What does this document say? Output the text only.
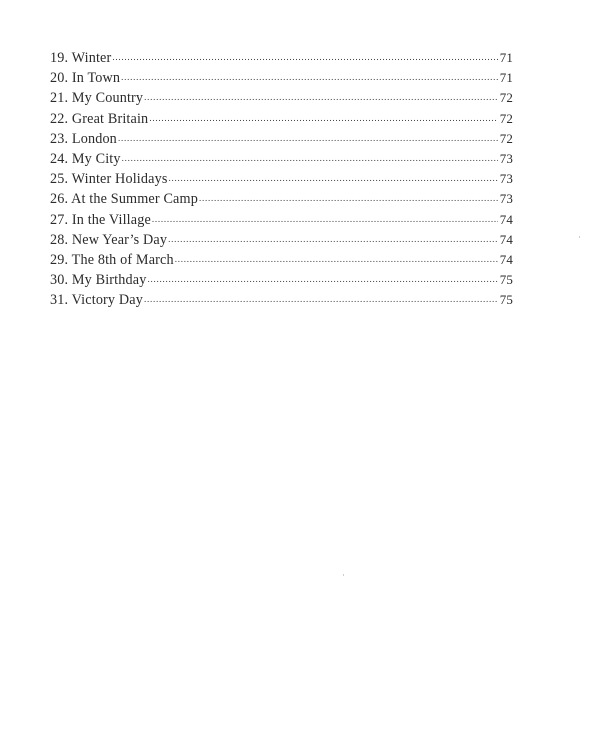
19. Winter .....	71
20. In Town .....	71
21. My Country .....	72
22. Great Britain .....	72
23. London .....	72
24. My City .....	73
25. Winter Holidays .....	73
26. At the Summer Camp .....	73
27. In the Village .....	74
28. New Year’s Day .....	74
29. The 8th of March .....	74
30. My Birthday .....	75
31. Victory Day .....	75
